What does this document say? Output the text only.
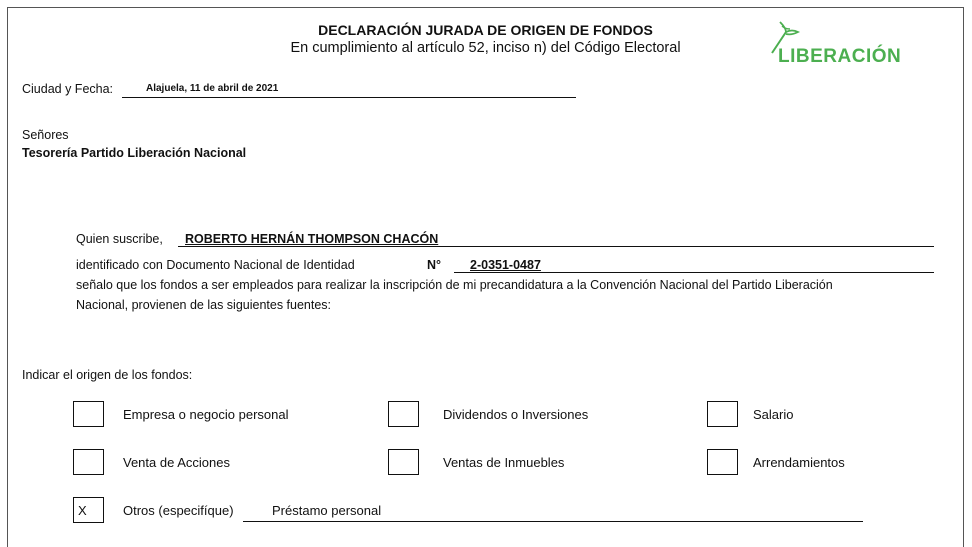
DECLARACIÓN JURADA DE ORIGEN DE FONDOS
En cumplimiento al artículo 52, inciso n) del Código Electoral	LIBERACIÓN
Ciudad y Fecha:	Alajuela, 11 de abril de 2021
Señores
Tesorería Partido Liberación Nacional
Quien suscribe, ROBERTO HERNÁN THOMPSON CHACÓN
identificado con Documento Nacional de Identidad	N° 2-0351-0487
señalo que los fondos a ser empleados para realizar la inscripción de mi precandidatura a la Convención Nacional del Partido Liberación
Nacional, provienen de las siguientes fuentes:
Indicar el origen de los fondos:
Empresa o negocio personal	Dividendos o Inversiones	Salario
Venta de Acciones	Ventas de Inmuebles	Arrendamientos
X	Otros (especifíque)	Préstamo personal
